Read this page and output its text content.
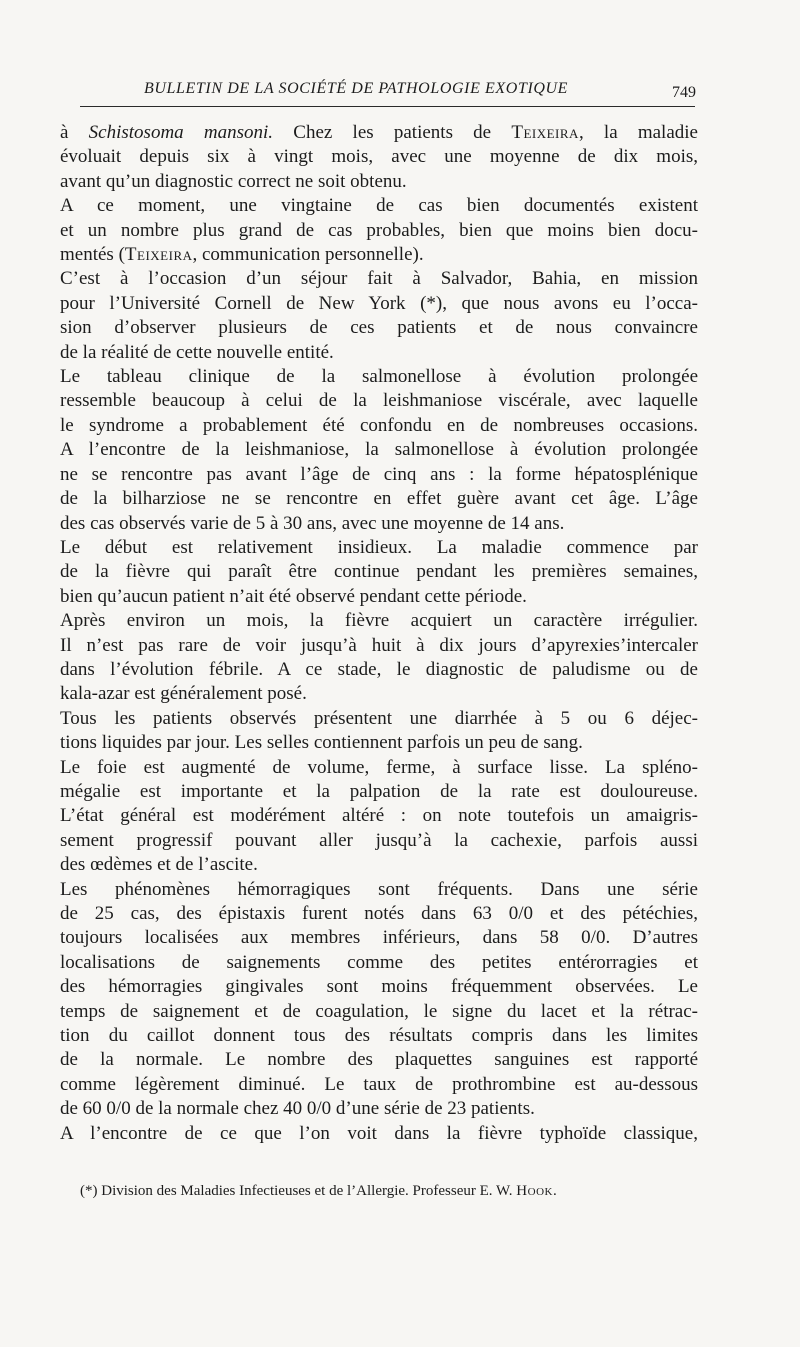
BULLETIN DE LA SOCIÉTÉ DE PATHOLOGIE EXOTIQUE	749
à Schistosoma mansoni. Chez les patients de Teixeira, la maladie
évoluait depuis six à vingt mois, avec une moyenne de dix mois,
avant qu’un diagnostic correct ne soit obtenu.
A ce moment, une vingtaine de cas bien documentés existent
et un nombre plus grand de cas probables, bien que moins bien docu-
mentés (Teixeira, communication personnelle).
C’est à l’occasion d’un séjour fait à Salvador, Bahia, en mission
pour l’Université Cornell de New York (*), que nous avons eu l’occa-
sion d’observer plusieurs de ces patients et de nous convaincre
de la réalité de cette nouvelle entité.
Le tableau clinique de la salmonellose à évolution prolongée
ressemble beaucoup à celui de la leishmaniose viscérale, avec laquelle
le syndrome a probablement été confondu en de nombreuses occasions.
A l’encontre de la leishmaniose, la salmonellose à évolution prolongée
ne se rencontre pas avant l’âge de cinq ans : la forme hépatosplénique
de la bilharziose ne se rencontre en effet guère avant cet âge. L’âge
des cas observés varie de 5 à 30 ans, avec une moyenne de 14 ans.
Le début est relativement insidieux. La maladie commence par
de la fièvre qui paraît être continue pendant les premières semaines,
bien qu’aucun patient n’ait été observé pendant cette période.
Après environ un mois, la fièvre acquiert un caractère irrégulier.
Il n’est pas rare de voir jusqu’à huit à dix jours d’apyrexies’intercaler
dans l’évolution fébrile. A ce stade, le diagnostic de paludisme ou de
kala-azar est généralement posé.
Tous les patients observés présentent une diarrhée à 5 ou 6 déjec-
tions liquides par jour. Les selles contiennent parfois un peu de sang.
Le foie est augmenté de volume, ferme, à surface lisse. La spléno-
mégalie est importante et la palpation de la rate est douloureuse.
L’état général est modérément altéré : on note toutefois un amaigris-
sement progressif pouvant aller jusqu’à la cachexie, parfois aussi
des œdèmes et de l’ascite.
Les phénomènes hémorragiques sont fréquents. Dans une série
de 25 cas, des épistaxis furent notés dans 63 0/0 et des pétéchies,
toujours localisées aux membres inférieurs, dans 58 0/0. D’autres
localisations de saignements comme des petites entérorragies et
des hémorragies gingivales sont moins fréquemment observées. Le
temps de saignement et de coagulation, le signe du lacet et la rétrac-
tion du caillot donnent tous des résultats compris dans les limites
de la normale. Le nombre des plaquettes sanguines est rapporté
comme légèrement diminué. Le taux de prothrombine est au-dessous
de 60 0/0 de la normale chez 40 0/0 d’une série de 23 patients.
A l’encontre de ce que l’on voit dans la fièvre typhoïde classique,
(*) Division des Maladies Infectieuses et de l’Allergie. Professeur E. W. Hook.
